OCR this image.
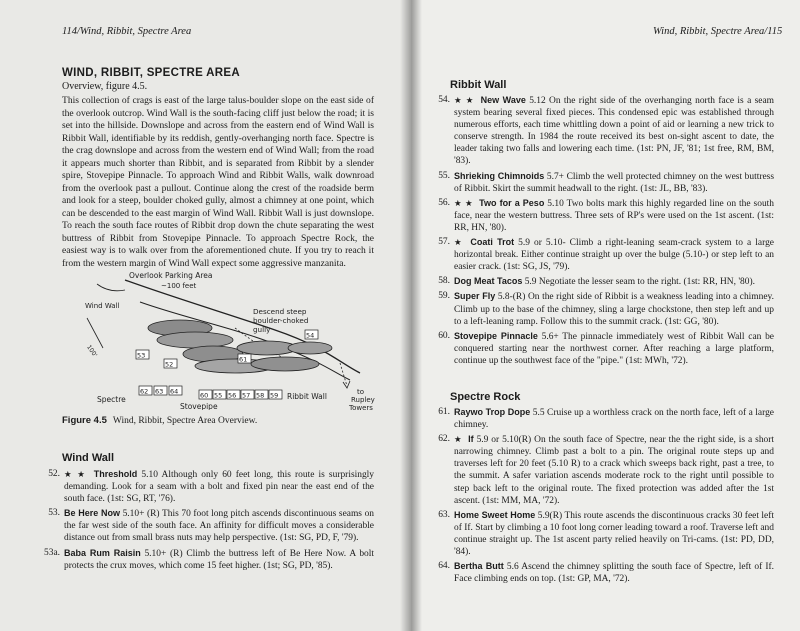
114/Wind, Ribbit, Spectre Area
WIND, RIBBIT, SPECTRE AREA
Overview, figure 4.5.
This collection of crags is east of the large talus-boulder slope on the east side of the overlook outcrop. Wind Wall is the south-facing cliff just below the road; it is set into the hillside. Downslope and across from the eastern end of Wind Wall is Ribbit Wall, identifiable by its reddish, gently-overhanging north face. Spectre is the crag downslope and across from the western end of Wind Wall; from the road it appears much shorter than Ribbit, and is separated from Ribbit by a slender spire, Stovepipe Pinnacle. To approach Wind and Ribbit Walls, walk downroad from the overlook past a pullout. Continue along the crest of the roadside berm and look for a steep, boulder choked gully, almost a chimney at one point, which can be descended to the east margin of Wind Wall. Ribbit Wall is just downslope. To reach the south face routes of Ribbit drop down the chute separating the west buttress of Ribbit from Stovepipe Pinnacle. To approach Spectre Rock, the easiest way is to walk over from the aforementioned chute. If you try to reach it from the western margin of Wind Wall expect some aggressive manzanita.
53
52
61
62 63 64	60 55 56 57 58 59
54
Overlook Parking Area
~100 feet
Wind Wall
100'
Descend steep
boulder-choked
gully
Spectre
Stovepipe
Ribbit Wall	to
Rupley
Towers
Figure 4.5 Wind, Ribbit, Spectre Area Overview.
Wind Wall
52. ★ ★ Threshold 5.10 Although only 60 feet long, this route is surprisingly demanding. Look for a seam with a bolt and fixed pin near the east end of the south face. (1st: SG, RT, '76).
53. Be Here Now 5.10+ (R) This 70 foot long pitch ascends discontinuous seams on the far west side of the south face. An affinity for difficult moves a considerable distance out from small brass nuts may help perspective. (1st: SG, PD, F, '79).
53a. Baba Rum Raisin 5.10+ (R) Climb the buttress left of Be Here Now. A bolt protects the crux moves, which come 15 feet higher. (1st; SG, PD, '85).
Wind, Ribbit, Spectre Area/115
Ribbit Wall
54. ★ ★ New Wave 5.12 On the right side of the overhanging north face is a seam system bearing several fixed pieces. This condensed epic was established through numerous efforts, each time whittling down a point of aid or learning a new trick to conserve strength. In 1984 the route received its best on-sight ascent to date, the leader taking two falls and lowering each time. (1st: PN, JF, '81; 1st free, RM, BM, '83).
55. Shrieking Chimnoids 5.7+ Climb the well protected chimney on the west buttress of Ribbit. Skirt the summit headwall to the right. (1st: JL, BB, '83).
56. ★ ★ Two for a Peso 5.10 Two bolts mark this highly regarded line on the south face, near the western buttress. Three sets of RP's were used on the 1st ascent. (1st: RR, HN, '80).
57. ★ Coati Trot 5.9 or 5.10- Climb a right-leaning seam-crack system to a large horizontal break. Either continue straight up over the bulge (5.10-) or step left to an easier crack. (1st: SG, JS, '79).
58. Dog Meat Tacos 5.9 Negotiate the lesser seam to the right. (1st: RR, HN, '80).
59. Super Fly 5.8-(R) On the right side of Ribbit is a weakness leading into a chimney. Climb up to the base of the chimney, sling a large chockstone, then step left and up to a left-leaning ramp. Follow this to the summit crack. (1st: GG, '80).
60. Stovepipe Pinnacle 5.6+ The pinnacle immediately west of Ribbit Wall can be conquered starting near the northwest corner. After reaching a large platform, continue up the southwest face of the "pipe." (1st: MWh, '72).
Spectre Rock
61. Raywo Trop Dope 5.5 Cruise up a worthless crack on the north face, left of a large chimney.
62. ★ If 5.9 or 5.10(R) On the south face of Spectre, near the the right side, is a short narrowing chimney. Climb past a bolt to a pin. The original route steps up and traverses left for 20 feet (5.10 R) to a crack which sweeps back right, past a tree, to the summit. A safer variation ascends moderate rock to the right until possible to step back left to the original route. The fixed protection was added after the 1st ascent. (1st: MM, MA, '72).
63. Home Sweet Home 5.9(R) This route ascends the discontinuous cracks 30 feet left of If. Start by climbing a 10 foot long corner leading toward a roof. Traverse left and continue straight up. The 1st ascent party relied heavily on Tri-cams. (1st: PD, DD, '84).
64. Bertha Butt 5.6 Ascend the chimney splitting the south face of Spectre, left of If. Face climbing ends on top. (1st: GP, MA, '72).
